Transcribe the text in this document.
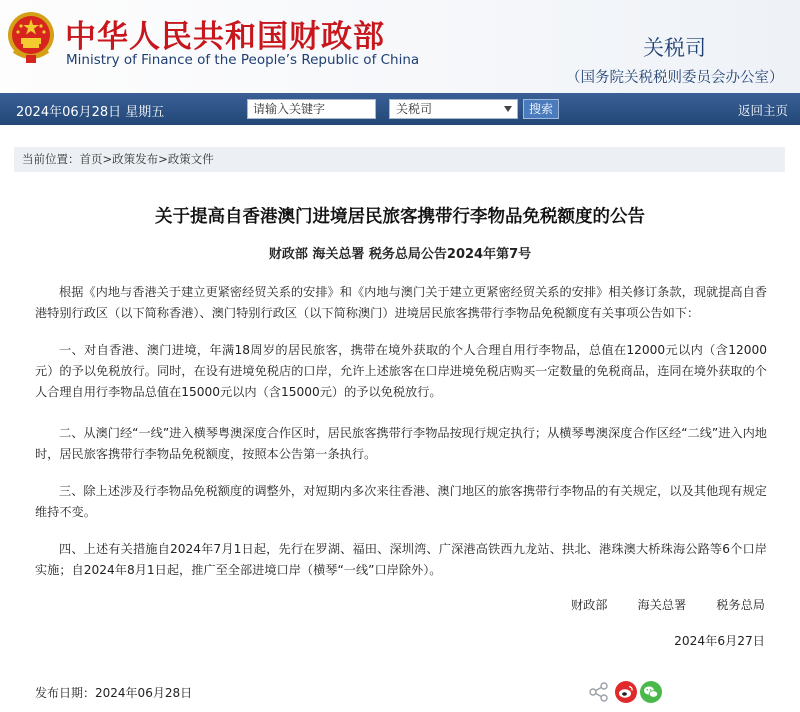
中华人民共和国财政部
Ministry of Finance of the People’s Republic of China	关税司
（国务院关税税则委员会办公室）
2024年06月28日 星期五	请输入关键字	关税司	搜索	返回主页
当前位置：首页>政策发布>政策文件
关于提高自香港澳门进境居民旅客携带行李物品免税额度的公告
财政部 海关总署 税务总局公告2024年第7号

根据《内地与香港关于建立更紧密经贸关系的安排》和《内地与澳门关于建立更紧密经贸关系的安排》相关修订条款，现就提高自香港特别行政区（以下简称香港）、澳门特别行政区（以下简称澳门）进境居民旅客携带行李物品免税额度有关事项公告如下：

一、对自香港、澳门进境，年满18周岁的居民旅客，携带在境外获取的个人合理自用行李物品，总值在12000元以内（含12000元）的予以免税放行。同时，在设有进境免税店的口岸，允许上述旅客在口岸进境免税店购买一定数量的免税商品，连同在境外获取的个人合理自用行李物品总值在15000元以内（含15000元）的予以免税放行。

二、从澳门经“一线”进入横琴粤澳深度合作区时，居民旅客携带行李物品按现行规定执行；从横琴粤澳深度合作区经“二线”进入内地时，居民旅客携带行李物品免税额度，按照本公告第一条执行。

三、除上述涉及行李物品免税额度的调整外，对短期内多次来往香港、澳门地区的旅客携带行李物品的有关规定，以及其他现有规定维持不变。

四、上述有关措施自2024年7月1日起，先行在罗湖、福田、深圳湾、广深港高铁西九龙站、拱北、港珠澳大桥珠海公路等6个口岸实施；自2024年8月1日起，推广至全部进境口岸（横琴“一线”口岸除外）。

财政部 海关总署 税务总局
2024年6月27日
发布日期：2024年06月28日
